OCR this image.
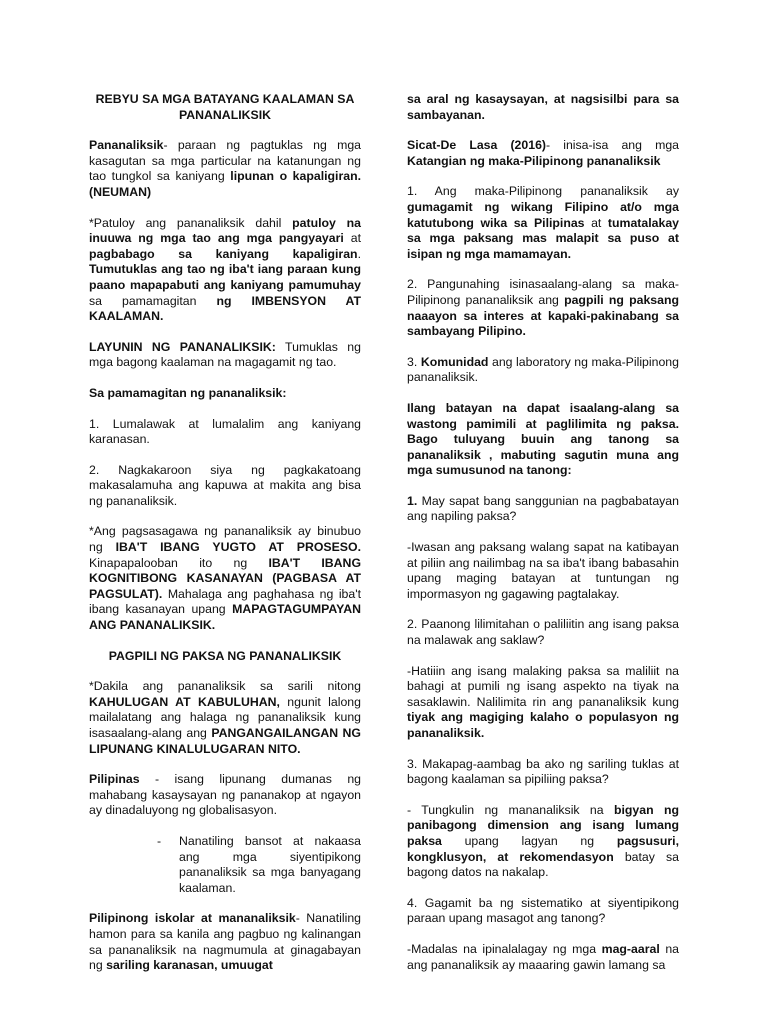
REBYU SA MGA BATAYANG KAALAMAN SA PANANALIKSIK

Pananaliksik- paraan ng pagtuklas ng mga kasagutan sa mga particular na katanungan ng tao tungkol sa kaniyang lipunan o kapaligiran. (NEUMAN)

*Patuloy ang pananaliksik dahil patuloy na inuuwa ng mga tao ang mga pangyayari at pagbabago sa kaniyang kapaligiran. Tumutuklas ang tao ng iba't iang paraan kung paano mapapabuti ang kaniyang pamumuhay sa pamamagitan ng IMBENSYON AT KAALAMAN.

LAYUNIN NG PANANALIKSIK: Tumuklas ng mga bagong kaalaman na magagamit ng tao.

Sa pamamagitan ng pananaliksik:

1. Lumalawak at lumalalim ang kaniyang karanasan.

2. Nagkakaroon siya ng pagkakatoang makasalamuha ang kapuwa at makita ang bisa ng pananaliksik.

*Ang pagsasagawa ng pananaliksik ay binubuo ng IBA'T IBANG YUGTO AT PROSESO. Kinapapalooban ito ng IBA'T IBANG KOGNITIBONG KASANAYAN (PAGBASA AT PAGSULAT). Mahalaga ang paghahasa ng iba't ibang kasanayan upang MAPAGTAGUMPAYAN ANG PANANALIKSIK.

PAGPILI NG PAKSA NG PANANALIKSIK

*Dakila ang pananaliksik sa sarili nitong KAHULUGAN AT KABULUHAN, ngunit lalong mailalatang ang halaga ng pananaliksik kung isasaalang-alang ang PANGANGAILANGAN NG LIPUNANG KINALULUGARAN NITO.

Pilipinas - isang lipunang dumanas ng mahabang kasaysayan ng pananakop at ngayon ay dinadaluyong ng globalisasyon.

-	Nanatiling bansot at nakaasa ang mga siyentipikong pananaliksik sa mga banyagang kaalaman.

Pilipinong iskolar at mananaliksik- Nanatiling hamon para sa kanila ang pagbuo ng kalinangan sa pananaliksik na nagmumula at ginagabayan ng sariling karanasan, umuugat

sa aral ng kasaysayan, at nagsisilbi para sa sambayanan.

Sicat-De Lasa (2016)- inisa-isa ang mga Katangian ng maka-Pilipinong pananaliksik

1. Ang maka-Pilipinong pananaliksik ay gumagamit ng wikang Filipino at/o mga katutubong wika sa Pilipinas at tumatalakay sa mga paksang mas malapit sa puso at isipan ng mga mamamayan.

2. Pangunahing isinasaalang-alang sa maka-Pilipinong pananaliksik ang pagpili ng paksang naaayon sa interes at kapaki-pakinabang sa sambayang Pilipino.

3. Komunidad ang laboratory ng maka-Pilipinong pananaliksik.

Ilang batayan na dapat isaalang-alang sa wastong pamimili at paglilimita ng paksa. Bago tuluyang buuin ang tanong sa pananaliksik , mabuting sagutin muna ang mga sumusunod na tanong:

1. May sapat bang sanggunian na pagbabatayan ang napiling paksa?

-Iwasan ang paksang walang sapat na katibayan at piliin ang nailimbag na sa iba't ibang babasahin upang maging batayan at tuntungan ng impormasyon ng gagawing pagtalakay.

2. Paanong lilimitahan o paliliitin ang isang paksa na malawak ang saklaw?

-Hatiiin ang isang malaking paksa sa maliliit na bahagi at pumili ng isang aspekto na tiyak na sasaklawin. Nalilimita rin ang pananaliksik kung tiyak ang magiging kalaho o populasyon ng pananaliksik.

3. Makapag-aambag ba ako ng sariling tuklas at bagong kaalaman sa pipiliing paksa?

- Tungkulin ng mananaliksik na bigyan ng panibagong dimension ang isang lumang paksa upang lagyan ng pagsusuri, kongklusyon, at rekomendasyon batay sa bagong datos na nakalap.

4. Gagamit ba ng sistematiko at siyentipikong paraan upang masagot ang tanong?

-Madalas na ipinalalagay ng mga mag-aaral na ang pananaliksik ay maaaring gawin lamang sa
